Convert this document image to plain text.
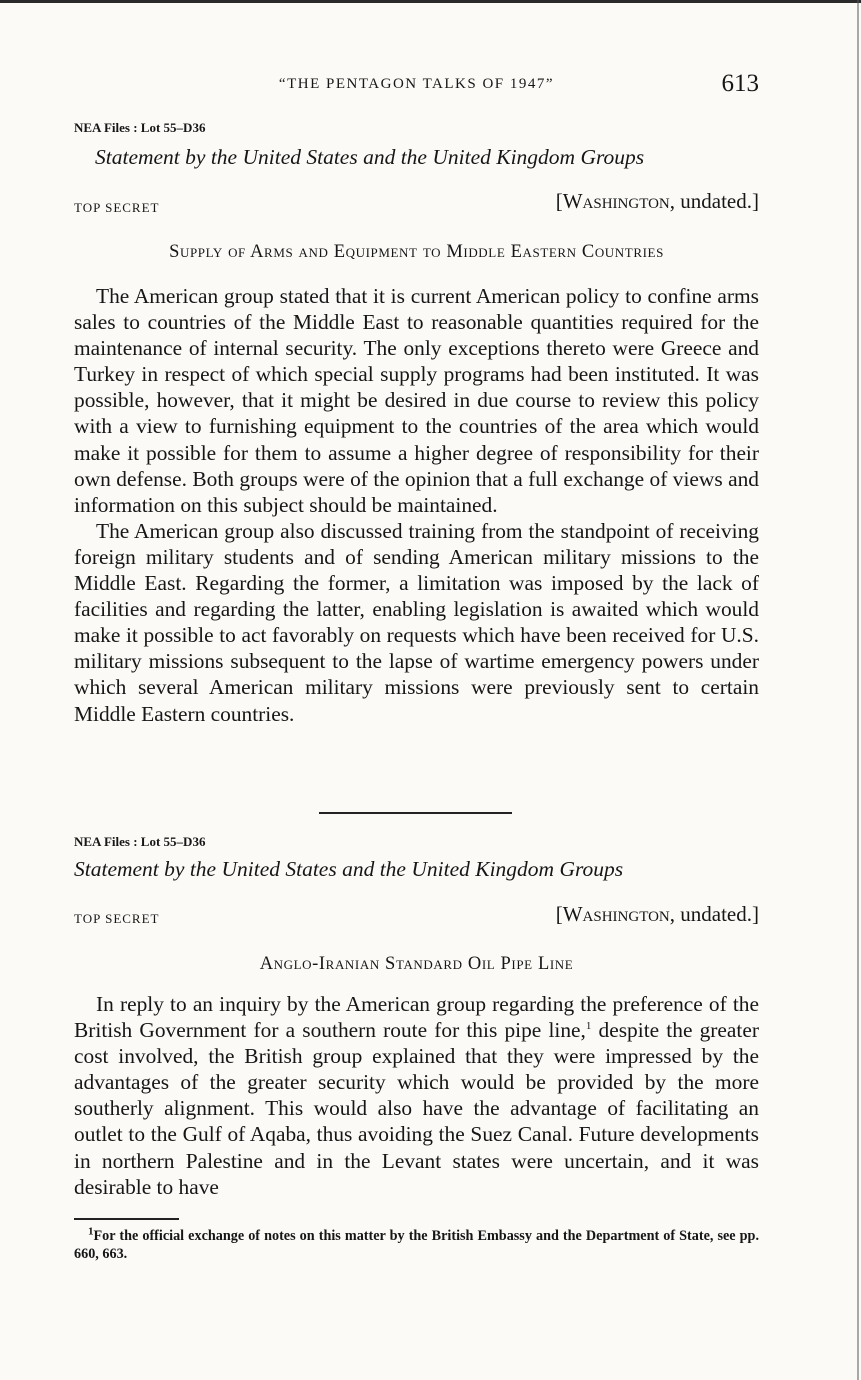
“THE PENTAGON TALKS OF 1947”	613
NEA Files : Lot 55–D36
Statement by the United States and the United Kingdom Groups
TOP SECRET	[Washington, undated.]
Supply of Arms and Equipment to Middle Eastern Countries

The American group stated that it is current American policy to confine arms sales to countries of the Middle East to reasonable quantities required for the maintenance of internal security. The only exceptions thereto were Greece and Turkey in respect of which special supply programs had been instituted. It was possible, however, that it might be desired in due course to review this policy with a view to furnishing equipment to the countries of the area which would make it possible for them to assume a higher degree of responsibility for their own defense. Both groups were of the opinion that a full exchange of views and information on this subject should be maintained.

The American group also discussed training from the standpoint of receiving foreign military students and of sending American military missions to the Middle East. Regarding the former, a limitation was imposed by the lack of facilities and regarding the latter, enabling legislation is awaited which would make it possible to act favorably on requests which have been received for U.S. military missions subsequent to the lapse of wartime emergency powers under which several American military missions were previously sent to certain Middle Eastern countries.

NEA Files : Lot 55–D36
Statement by the United States and the United Kingdom Groups
TOP SECRET	[Washington, undated.]
Anglo-Iranian Standard Oil Pipe Line

In reply to an inquiry by the American group regarding the preference of the British Government for a southern route for this pipe line,$^1$ despite the greater cost involved, the British group explained that they were impressed by the advantages of the greater security which would be provided by the more southerly alignment. This would also have the advantage of facilitating an outlet to the Gulf of Aqaba, thus avoiding the Suez Canal. Future developments in northern Palestine and in the Levant states were uncertain, and it was desirable to have

$^1$For the official exchange of notes on this matter by the British Embassy and the Department of State, see pp. 660, 663.
